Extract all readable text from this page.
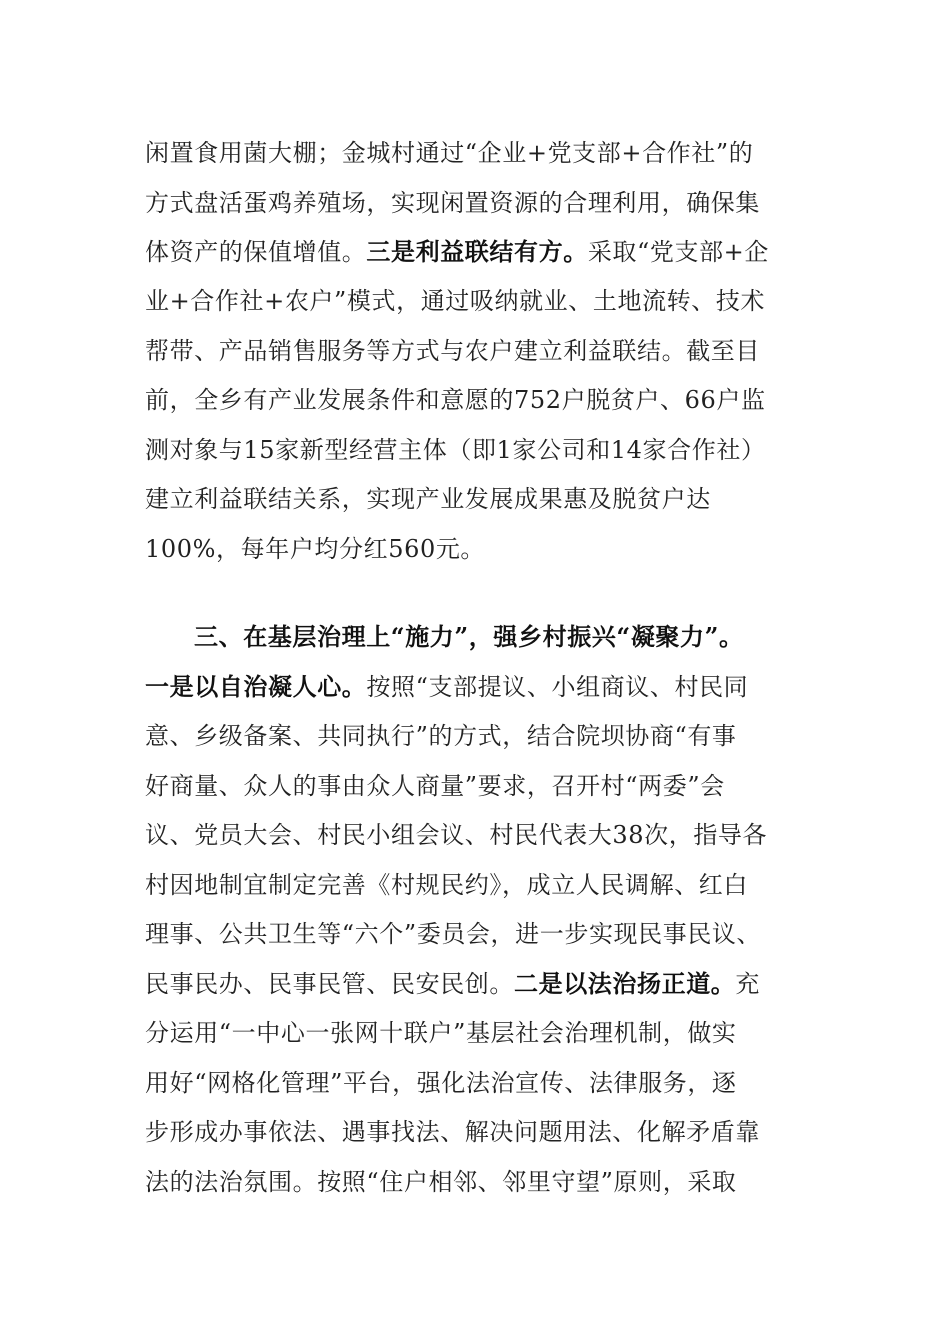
闲置食用菌大棚；金城村通过“企业+党支部+合作社”的
方式盘活蛋鸡养殖场，实现闲置资源的合理利用，确保集
体资产的保值增值。三是利益联结有方。采取“党支部+企
业+合作社+农户”模式，通过吸纳就业、土地流转、技术
帮带、产品销售服务等方式与农户建立利益联结。截至目
前，全乡有产业发展条件和意愿的752户脱贫户、66户监
测对象与15家新型经营主体（即1家公司和14家合作社）
建立利益联结关系，实现产业发展成果惠及脱贫户达
100%，每年户均分红560元。
三、在基层治理上“施力”，强乡村振兴“凝聚力”。
一是以自治凝人心。按照“支部提议、小组商议、村民同
意、乡级备案、共同执行”的方式，结合院坝协商“有事
好商量、众人的事由众人商量”要求，召开村“两委”会
议、党员大会、村民小组会议、村民代表大38次，指导各
村因地制宜制定完善《村规民约》，成立人民调解、红白
理事、公共卫生等“六个”委员会，进一步实现民事民议、
民事民办、民事民管、民安民创。二是以法治扬正道。充
分运用“一中心一张网十联户”基层社会治理机制，做实
用好“网格化管理”平台，强化法治宣传、法律服务，逐
步形成办事依法、遇事找法、解决问题用法、化解矛盾靠
法的法治氛围。按照“住户相邻、邻里守望”原则，采取
